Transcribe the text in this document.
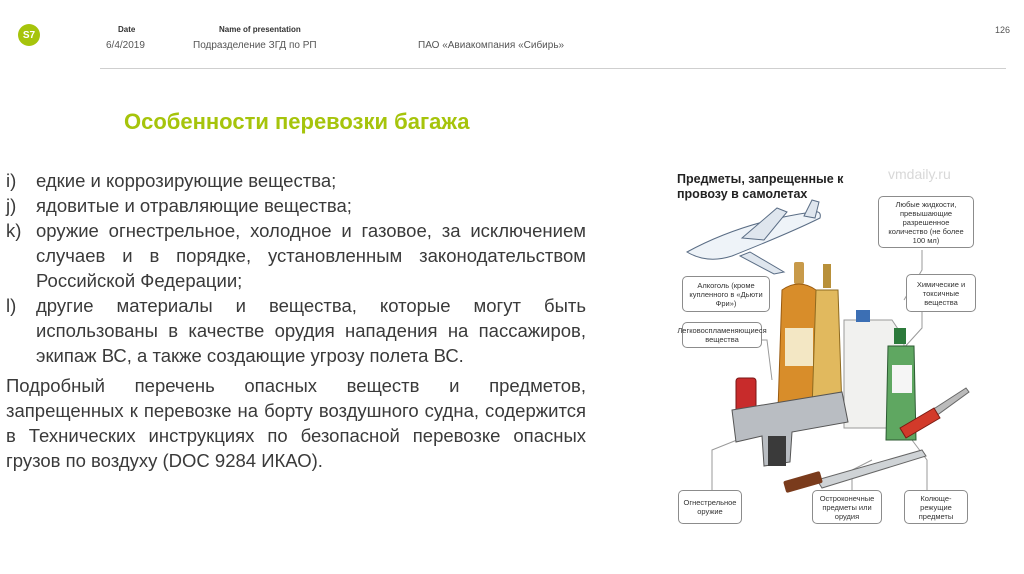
S7	Date
6/4/2019
Name of presentation
Подразделение ЗГД по РП	ПАО «Авиакомпания «Сибирь»
126
Особенности перевозки багажа
i)	едкие и коррозирующие вещества;
j)	ядовитые и отравляющие вещества;
k) оружие огнестрельное, холодное и газовое, за исключением случаев и в порядке, установленным законодательством Российской Федерации;
l)	другие материалы и вещества, которые могут быть использованы в качестве орудия нападения на пассажиров, экипаж ВС, а также создающие угрозу полета ВС.
Подробный перечень опасных веществ и предметов, запрещенных к перевозке на борту воздушного судна, содержится в Технических инструкциях по безопасной перевозке опасных грузов по воздуху (DOC 9284 ИКАО).
Предметы, запрещенные к провозу в самолетах
vmdaily.ru
Любые жидкости, превышающие разрешенное количество (не более 100 мл)
Алкоголь (кроме купленного в «Дьюти Фри»)
Химические и токсичные вещества
Легковоспламеняющиеся вещества
Огнестрельное оружие
Остроконечные предметы или орудия
Колюще-режущие предметы
